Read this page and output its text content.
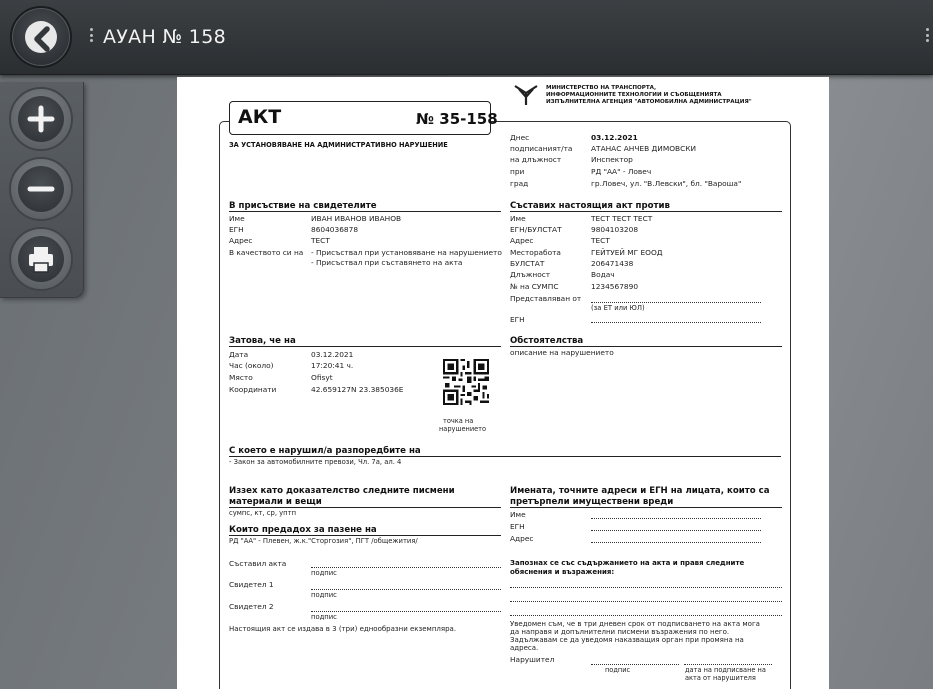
АУАН № 158
МИНИСТЕРСТВО НА ТРАНСПОРТА,
ИНФОРМАЦИОННИТЕ ТЕХНОЛОГИИ И СЪОБЩЕНИЯТА
ИЗПЪЛНИТЕЛНА АГЕНЦИЯ "АВТОМОБИЛНА АДМИНИСТРАЦИЯ"
АКТ	№ 35-158
ЗА УСТАНОВЯВАНЕ НА АДМИНИСТРАТИВНО НАРУШЕНИЕ
Днес	03.12.2021
подписаният/та	АТАНАС АНЧЕВ ДИМОВСКИ
на длъжност	Инспектор
при	РД "АА" - Ловеч
град	гр.Ловеч, ул. "В.Левски", бл. "Вароша"
В присъствие на свидетелите
Име	ИВАН ИВАНОВ ИВАНОВ
ЕГН	8604036878
Адрес	ТЕСТ
В качеството си на - Присъствал при установяване на нарушението
- Присъствал при съставянето на акта
Съставих настоящия акт против
Име	ТЕСТ ТЕСТ ТЕСТ
ЕГН/БУЛСТАТ	9804103208
Адрес	ТЕСТ
Месторабота	ГЕЙТУЕЙ МГ ЕООД
БУЛСТАТ	206471438
Длъжност	Водач
№ на СУМПС	1234567890
Представляван от
(за ЕТ или ЮЛ)
ЕГН
Затова, че на
Дата	03.12.2021
Час (около)	17:20:41 ч.
Място	Ofisyt
Координати	42.659127N 23.385036E
точка на
нарушението
Обстоятелства
описание на нарушението
С което е нарушил/а разпоредбите на
- Закон за автомобилните превози, Чл. 7а, ал. 4
Иззех като доказателство следните писмени
материали и вещи
сумпс, кт, ср, уптп
Които предадох за пазене на
РД "АА" - Плевен, ж.к."Сторгозия", ПГТ /общежития/
Съставил акта
подпис
Свидетел 1
подпис
Свидетел 2
подпис
Настоящия акт се издава в 3 (три) еднообразни екземпляра.
Имената, точните адреси и ЕГН на лицата, които са
претърпели имуществени вреди
Име
ЕГН
Адрес
Запознах се със съдържанието на акта и правя следните
обяснения и възражения:
Уведомен съм, че в три дневен срок от подписването на акта мога
да направя и допълнителни писмени възражения по него.
Задължавам се да уведомя наказващия орган при промяна на
адреса.
Нарушител
подпис	дата на подписване на
акта от нарушителя
